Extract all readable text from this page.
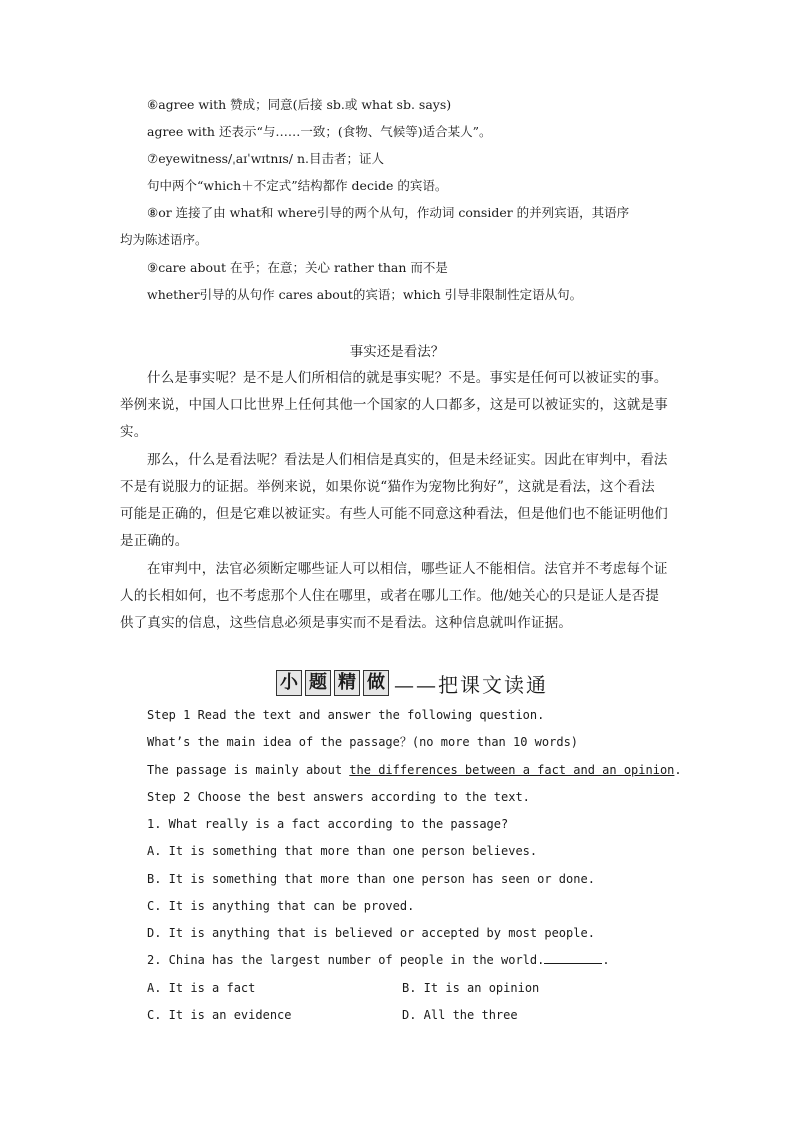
⑥agree with 赞成；同意(后接 sb.或 what sb. says)
agree with 还表示“与……一致；(食物、气候等)适合某人”。
⑦eyewitness/ˌaɪˈwɪtnɪs/ n.目击者；证人
句中两个“which＋不定式”结构都作 decide 的宾语。
⑧or 连接了由 what和 where引导的两个从句，作动词 consider 的并列宾语，其语序
均为陈述语序。
⑨care about 在乎；在意；关心 rather than 而不是
whether引导的从句作 cares about的宾语；which 引导非限制性定语从句。
事实还是看法？
什么是事实呢？是不是人们所相信的就是事实呢？不是。事实是任何可以被证实的事。
举例来说，中国人口比世界上任何其他一个国家的人口都多，这是可以被证实的，这就是事
实。
那么，什么是看法呢？看法是人们相信是真实的，但是未经证实。因此在审判中，看法
不是有说服力的证据。举例来说，如果你说“猫作为宠物比狗好”，这就是看法，这个看法
可能是正确的，但是它难以被证实。有些人可能不同意这种看法，但是他们也不能证明他们
是正确的。
在审判中，法官必须断定哪些证人可以相信，哪些证人不能相信。法官并不考虑每个证
人的长相如何，也不考虑那个人住在哪里，或者在哪儿工作。他/她关心的只是证人是否提
供了真实的信息，这些信息必须是事实而不是看法。这种信息就叫作证据。
小 题 精 做 ——把课文读通
Step 1 Read the text and answer the following question.
What’s the main idea of the passage？(no more than 10 words)
The passage is mainly about the differences between a fact and an opinion.
Step 2 Choose the best answers according to the text.
1. What really is a fact according to the passage?
A. It is something that more than one person believes.
B. It is something that more than one person has seen or done.
C. It is anything that can be proved.
D. It is anything that is believed or accepted by most people.
2. China has the largest number of people in the world.	.
A. It is a fact	B. It is an opinion
C. It is an evidence	D. All the three
